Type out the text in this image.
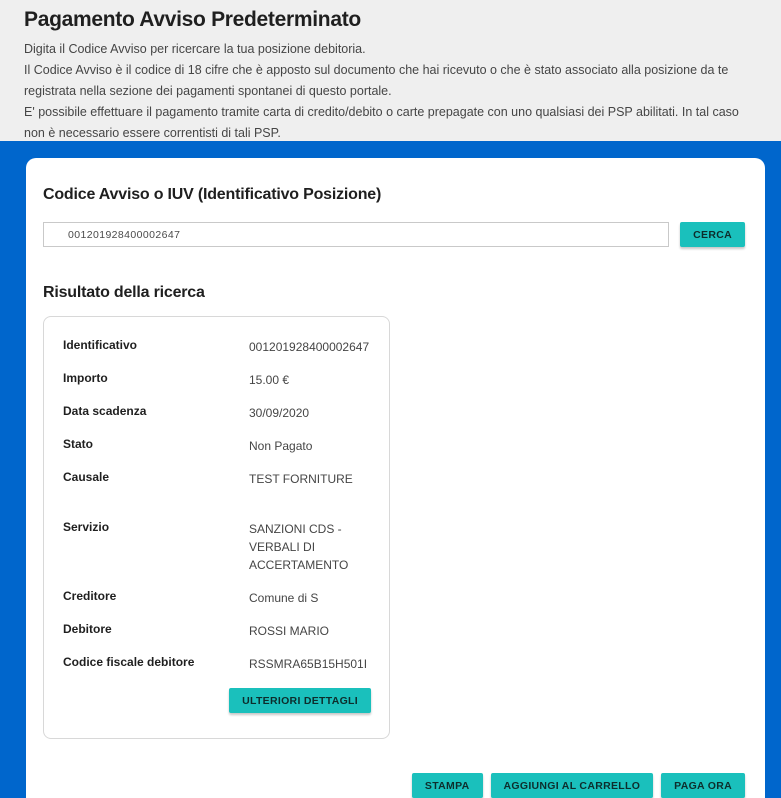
Pagamento Avviso Predeterminato

Digita il Codice Avviso per ricercare la tua posizione debitoria.

Il Codice Avviso è il codice di 18 cifre che è apposto sul documento che hai ricevuto o che è stato associato alla posizione da te registrata nella sezione dei pagamenti spontanei di questo portale.

E' possibile effettuare il pagamento tramite carta di credito/debito o carte prepagate con uno qualsiasi dei PSP abilitati. In tal caso non è necessario essere correntisti di tali PSP.

Codice Avviso o IUV (Identificativo Posizione)
001201928400002647
CERCA
Risultato della ricerca
Identificativo	001201928400002647
Importo	15.00 €
Data scadenza	30/09/2020
Stato	Non Pagato
Causale	TEST FORNITURE
Servizio	SANZIONI CDS - VERBALI DI ACCERTAMENTO
Creditore	Comune di S
Debitore	ROSSI MARIO
Codice fiscale debitore	RSSMRA65B15H501I
ULTERIORI DETTAGLI
STAMPA	AGGIUNGI AL CARRELLO	PAGA ORA
